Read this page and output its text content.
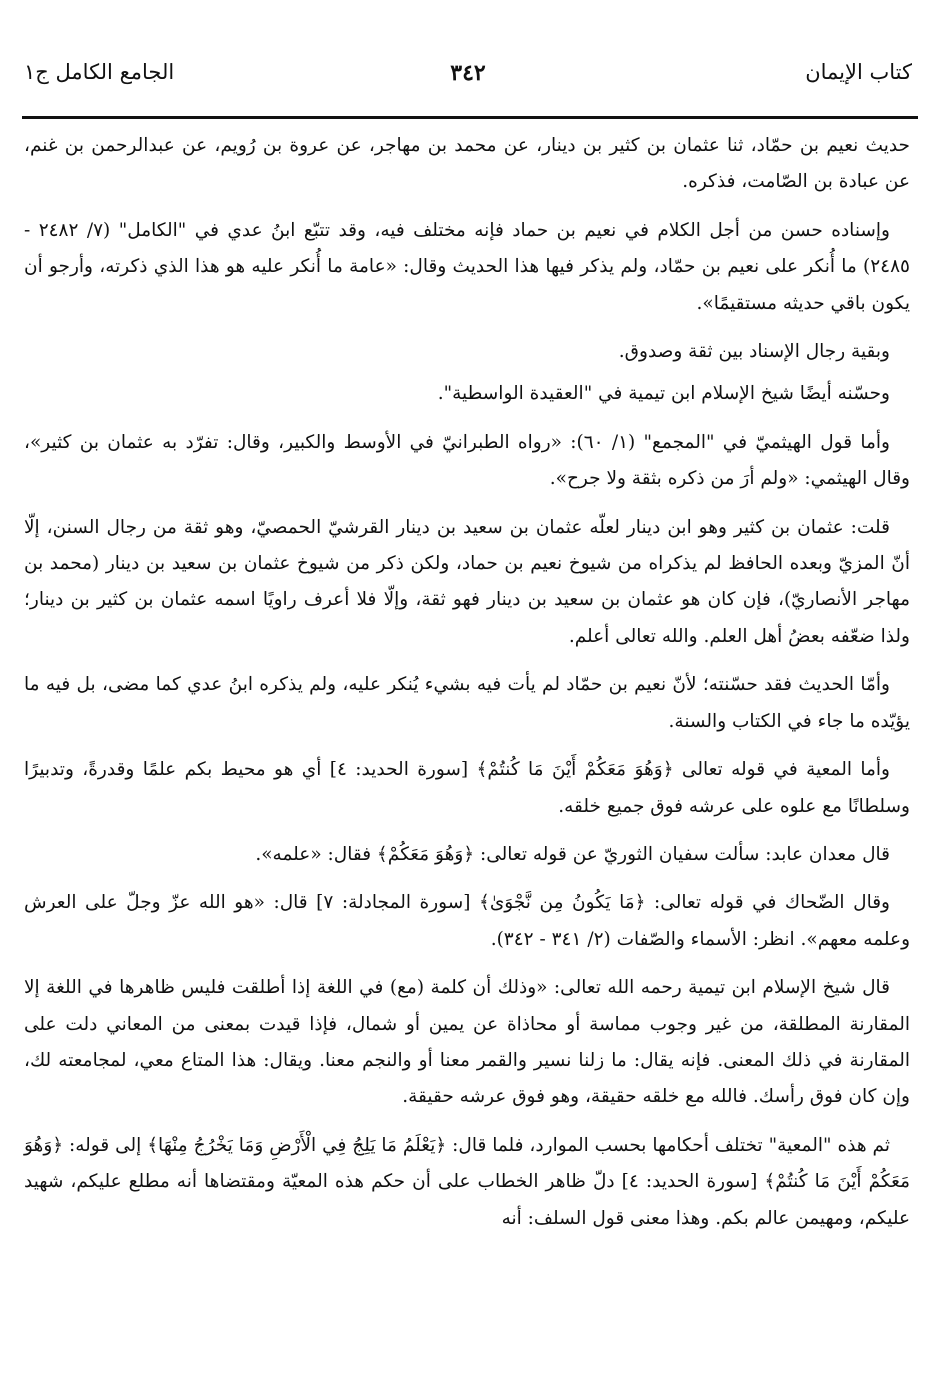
كتاب الإيمان
٣٤٢
الجامع الكامل ج١

حديث نعيم بن حمّاد، ثنا عثمان بن كثير بن دينار، عن محمد بن مهاجر، عن عروة بن رُويم، عن عبدالرحمن بن غنم، عن عبادة بن الصّامت، فذكره.

وإسناده حسن من أجل الكلام في نعيم بن حماد فإنه مختلف فيه، وقد تتبّع ابنُ عدي في "الكامل" (٧/ ٢٤٨٢ - ٢٤٨٥) ما أُنكر على نعيم بن حمّاد، ولم يذكر فيها هذا الحديث وقال: «عامة ما أُنكر عليه هو هذا الذي ذكرته، وأرجو أن يكون باقي حديثه مستقيمًا».

وبقية رجال الإسناد بين ثقة وصدوق.

وحسّنه أيضًا شيخ الإسلام ابن تيمية في "العقيدة الواسطية".

وأما قول الهيثميّ في "المجمع" (١/ ٦٠): «رواه الطبرانيّ في الأوسط والكبير، وقال: تفرّد به عثمان بن كثير»، وقال الهيثمي: «ولم أرَ من ذكره بثقة ولا جرح».

قلت: عثمان بن كثير وهو ابن دينار لعلّه عثمان بن سعيد بن دينار القرشيّ الحمصيّ، وهو ثقة من رجال السنن، إلّا أنّ المزيّ وبعده الحافظ لم يذكراه من شيوخ نعيم بن حماد، ولكن ذكر من شيوخ عثمان بن سعيد بن دينار (محمد بن مهاجر الأنصاريّ)، فإن كان هو عثمان بن سعيد بن دينار فهو ثقة، وإلّا فلا أعرف راويًا اسمه عثمان بن كثير بن دينار؛ ولذا ضعّفه بعضُ أهل العلم. والله تعالى أعلم.

وأمّا الحديث فقد حسّنته؛ لأنّ نعيم بن حمّاد لم يأت فيه بشيء يُنكر عليه، ولم يذكره ابنُ عدي كما مضى، بل فيه ما يؤيّده ما جاء في الكتاب والسنة.

وأما المعية في قوله تعالى ﴿وَهُوَ مَعَكُمْ أَيْنَ مَا كُنتُمْ﴾ [سورة الحديد: ٤] أي هو محيط بكم علمًا وقدرةً، وتدبيرًا وسلطانًا مع علوه على عرشه فوق جميع خلقه.

قال معدان عابد: سألت سفيان الثوريّ عن قوله تعالى: ﴿وَهُوَ مَعَكُمْ﴾ فقال: «علمه».

وقال الضّحاك في قوله تعالى: ﴿مَا يَكُونُ مِن نَّجْوَىٰ﴾ [سورة المجادلة: ٧] قال: «هو الله عزّ وجلّ على العرش وعلمه معهم». انظر: الأسماء والصّفات (٢/ ٣٤١ - ٣٤٢).

قال شيخ الإسلام ابن تيمية رحمه الله تعالى: «وذلك أن كلمة (مع) في اللغة إذا أطلقت فليس ظاهرها في اللغة إلا المقارنة المطلقة، من غير وجوب مماسة أو محاذاة عن يمين أو شمال، فإذا قيدت بمعنى من المعاني دلت على المقارنة في ذلك المعنى. فإنه يقال: ما زلنا نسير والقمر معنا أو والنجم معنا. ويقال: هذا المتاع معي، لمجامعته لك، وإن كان فوق رأسك. فالله مع خلقه حقيقة، وهو فوق عرشه حقيقة.

ثم هذه "المعية" تختلف أحكامها بحسب الموارد، فلما قال: ﴿يَعْلَمُ مَا يَلِجُ فِي الْأَرْضِ وَمَا يَخْرُجُ مِنْهَا﴾ إلى قوله: ﴿وَهُوَ مَعَكُمْ أَيْنَ مَا كُنتُمْ﴾ [سورة الحديد: ٤] دلّ ظاهر الخطاب على أن حكم هذه المعيّة ومقتضاها أنه مطلع عليكم، شهيد عليكم، ومهيمن عالم بكم. وهذا معنى قول السلف: أنه
